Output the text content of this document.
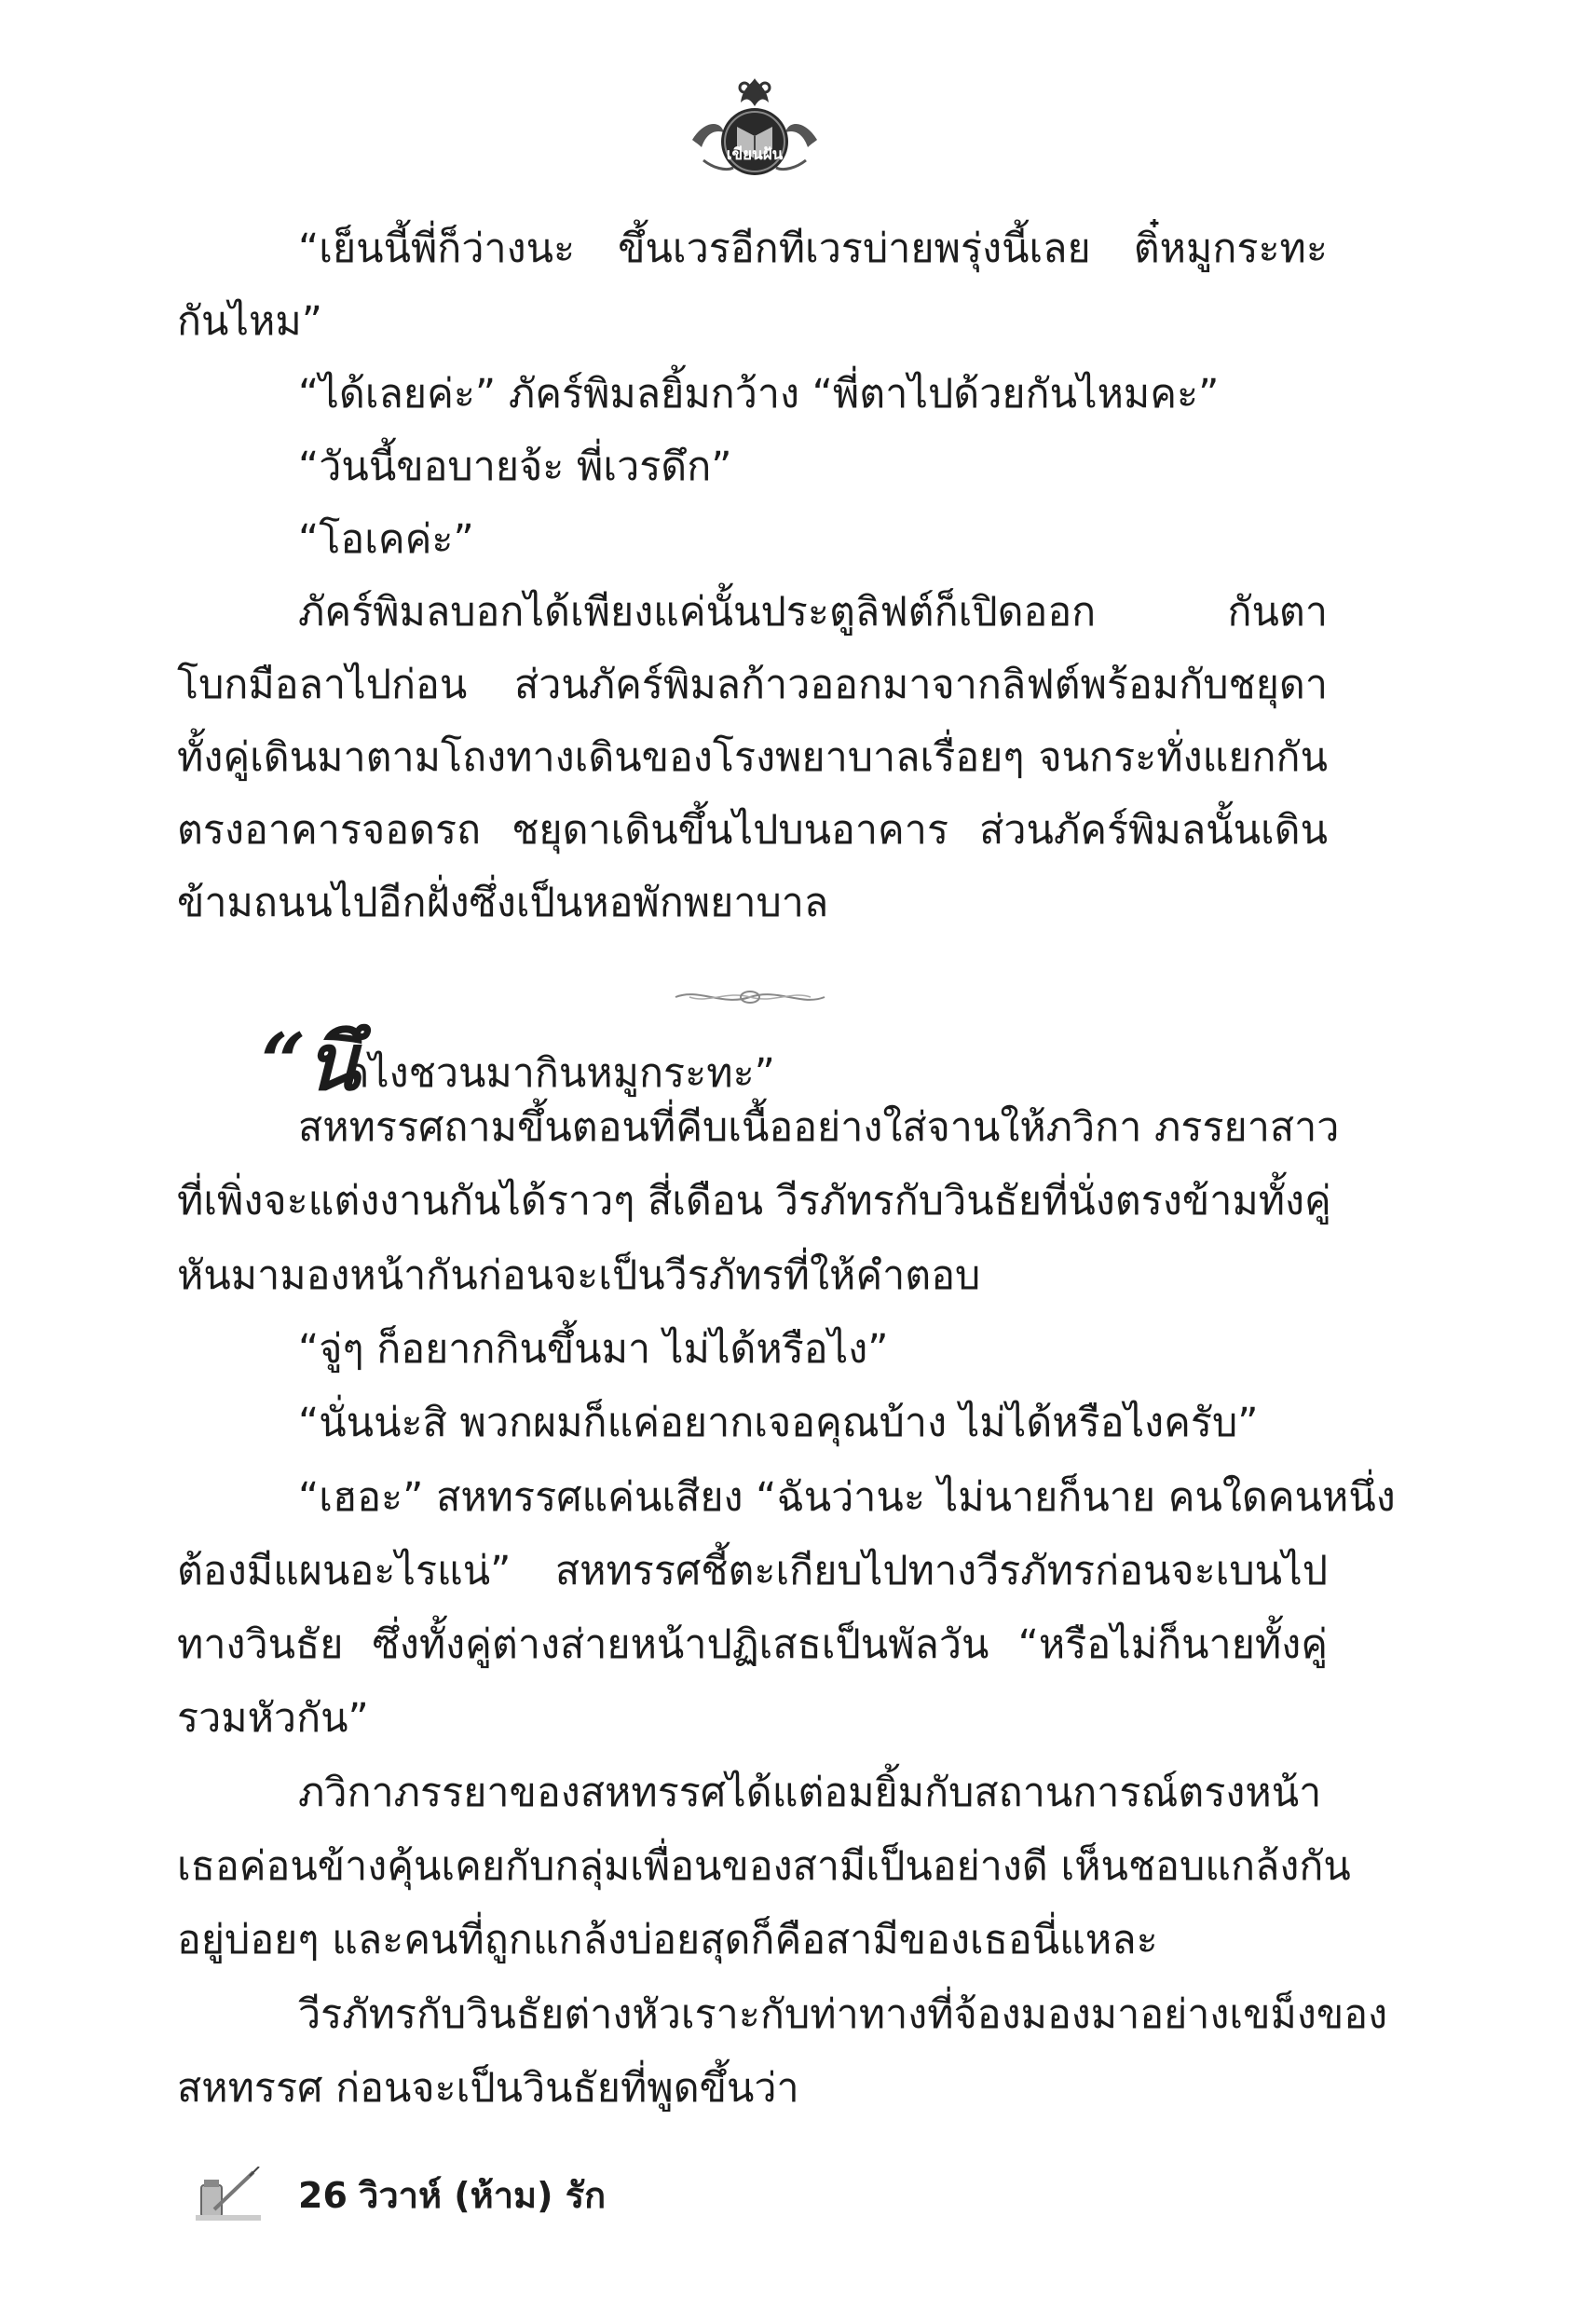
เขียนฝัน
“เย็นนี้พี่ก็ว่างนะ ขึ้นเวรอีกทีเวรบ่ายพรุ่งนี้เลย ติ๋หมูกระทะ
กันไหม”
“ได้เลยค่ะ” ภัคร์พิมลยิ้มกว้าง “พี่ตาไปด้วยกันไหมคะ”
“วันนี้ขอบายจ้ะ พี่เวรดึก”
“โอเคค่ะ”
ภัคร์พิมลบอกได้เพียงแค่นั้นประตูลิฟต์ก็เปิดออก กันตา
โบกมือลาไปก่อน ส่วนภัคร์พิมลก้าวออกมาจากลิฟต์พร้อมกับชยุดา
ทั้งคู่เดินมาตามโถงทางเดินของโรงพยาบาลเรื่อยๆ จนกระทั่งแยกกัน
ตรงอาคารจอดรถ ชยุดาเดินขึ้นไปบนอาคาร ส่วนภัคร์พิมลนั้นเดิน
ข้ามถนนไปอีกฝั่งซึ่งเป็นหอพักพยาบาล
“นึ
กไงชวนมากินหมูกระทะ”
สหทรรศถามขึ้นตอนที่คีบเนื้ออย่างใส่จานให้ภวิกา ภรรยาสาว
ที่เพิ่งจะแต่งงานกันได้ราวๆ สี่เดือน วีรภัทรกับวินธัยที่นั่งตรงข้ามทั้งคู่
หันมามองหน้ากันก่อนจะเป็นวีรภัทรที่ให้คำตอบ
“จู่ๆ ก็อยากกินขึ้นมา ไม่ได้หรือไง”
“นั่นน่ะสิ พวกผมก็แค่อยากเจอคุณบ้าง ไม่ได้หรือไงครับ”
“เฮอะ” สหทรรศแค่นเสียง “ฉันว่านะ ไม่นายก็นาย คนใดคนหนึ่ง
ต้องมีแผนอะไรแน่” สหทรรศชี้ตะเกียบไปทางวีรภัทรก่อนจะเบนไป
ทางวินธัย ซึ่งทั้งคู่ต่างส่ายหน้าปฏิเสธเป็นพัลวัน “หรือไม่ก็นายทั้งคู่
รวมหัวกัน”
ภวิกาภรรยาของสหทรรศได้แต่อมยิ้มกับสถานการณ์ตรงหน้า
เธอค่อนข้างคุ้นเคยกับกลุ่มเพื่อนของสามีเป็นอย่างดี เห็นชอบแกล้งกัน
อยู่บ่อยๆ และคนที่ถูกแกล้งบ่อยสุดก็คือสามีของเธอนี่แหละ
วีรภัทรกับวินธัยต่างหัวเราะกับท่าทางที่จ้องมองมาอย่างเขม็งของ
สหทรรศ ก่อนจะเป็นวินธัยที่พูดขึ้นว่า
26 วิวาห์ (ห้าม) รัก
